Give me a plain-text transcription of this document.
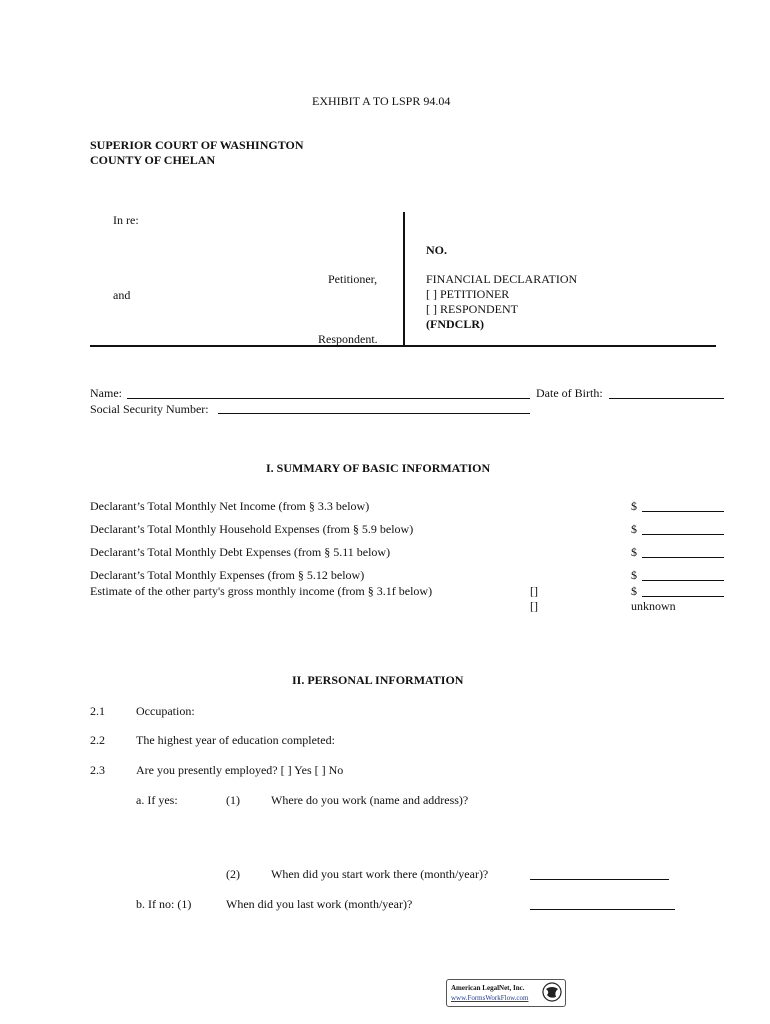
EXHIBIT A TO LSPR 94.04
SUPERIOR COURT OF WASHINGTON
COUNTY OF CHELAN
In re:
Petitioner,
and
Respondent.
NO.
FINANCIAL DECLARATION
[ ] PETITIONER
[ ] RESPONDENT
(FNDCLR)
Name:	Date of Birth:
Social Security Number:
I. SUMMARY OF BASIC INFORMATION
Declarant’s Total Monthly Net Income (from § 3.3 below)	$
Declarant’s Total Monthly Household Expenses (from § 5.9 below)	$
Declarant’s Total Monthly Debt Expenses (from § 5.11 below)	$
Declarant’s Total Monthly Expenses (from § 5.12 below)	$
Estimate of the other party's gross monthly income (from § 3.1f below)	[]	$
[]	unknown
II. PERSONAL INFORMATION
2.1	Occupation:
2.2	The highest year of education completed:
2.3	Are you presently employed? [ ] Yes [ ] No
a. If yes:	(1)	Where do you work (name and address)?
(2)	When did you start work there (month/year)?
b. If no: (1)	When did you last work (month/year)?
American LegalNet, Inc.
www.FormsWorkFlow.com
